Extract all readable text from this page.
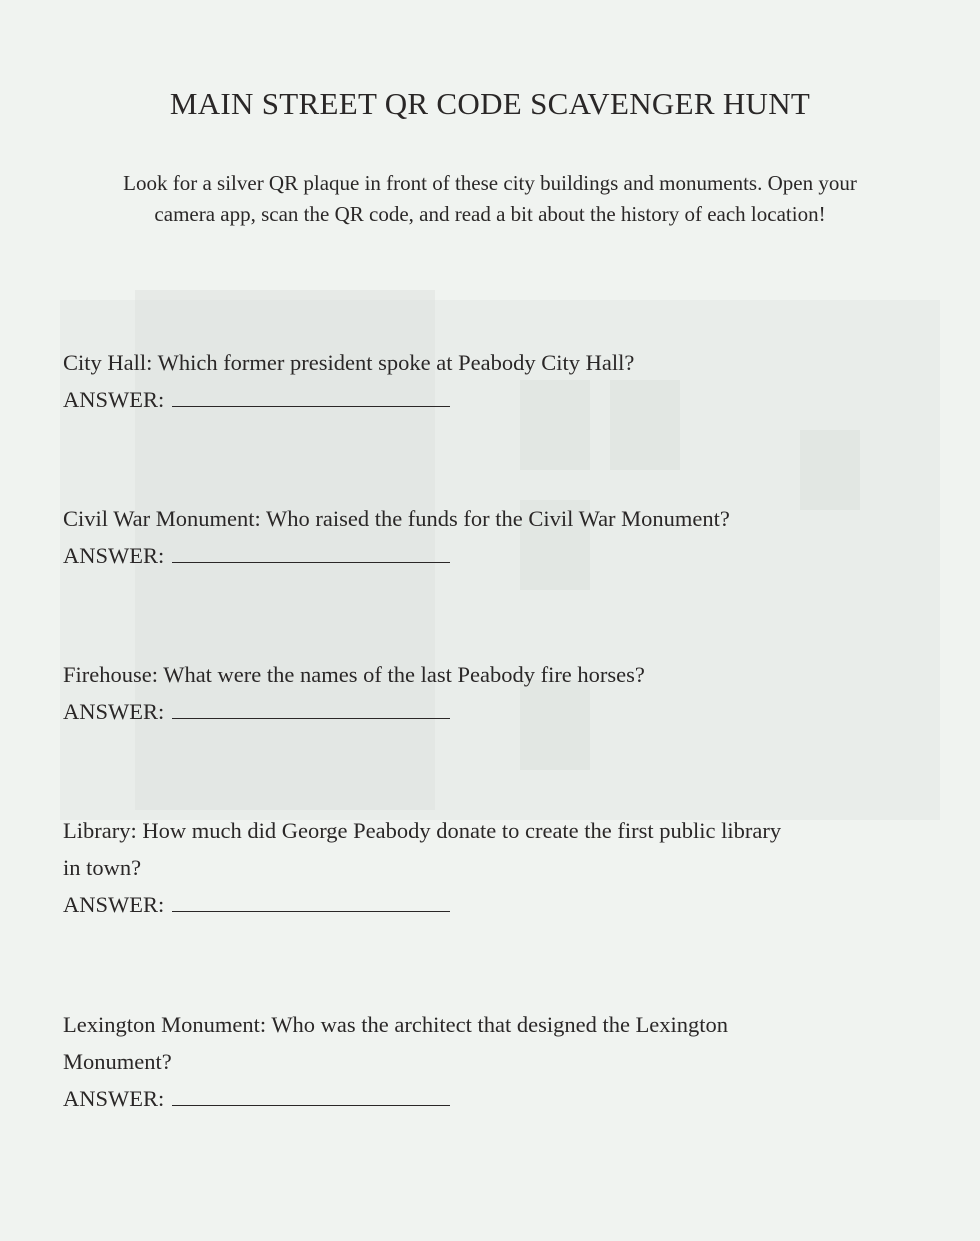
MAIN STREET QR CODE SCAVENGER HUNT
Look for a silver QR plaque in front of these city buildings and monuments. Open your
camera app, scan the QR code, and read a bit about the history of each location!
City Hall: Which former president spoke at Peabody City Hall?
ANSWER:
Civil War Monument: Who raised the funds for the Civil War Monument?
ANSWER:
Firehouse: What were the names of the last Peabody fire horses?
ANSWER:
Library: How much did George Peabody donate to create the first public library
in town?
ANSWER:
Lexington Monument: Who was the architect that designed the Lexington
Monument?
ANSWER:
